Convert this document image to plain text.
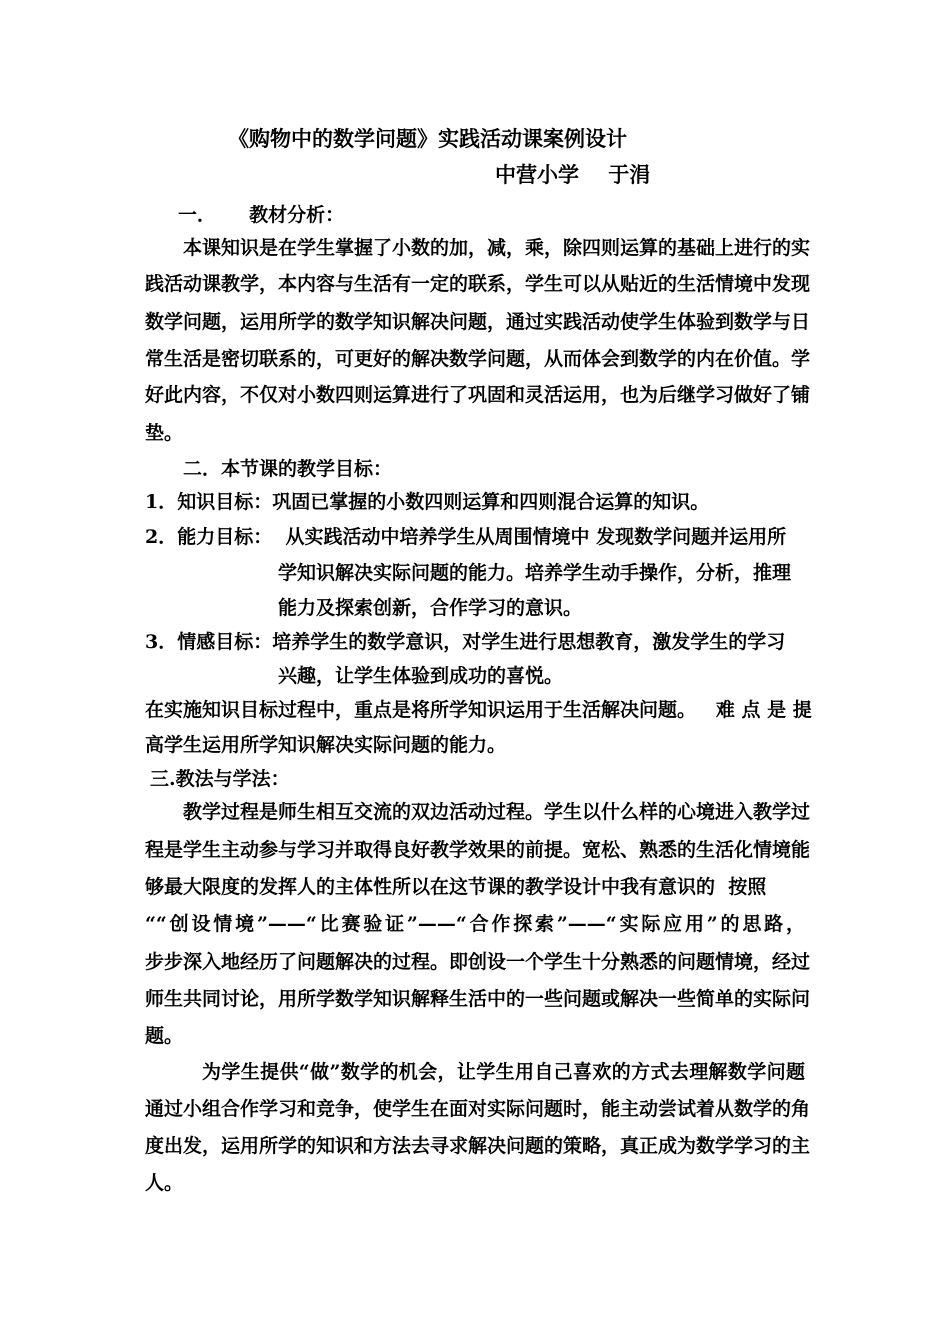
《购物中的数学问题》实践活动课案例设计
中营小学    于涓
一．     教材分析：
本课知识是在学生掌握了小数的加，减，乘，除四则运算的基础上进行的实
践活动课教学，本内容与生活有一定的联系，学生可以从贴近的生活情境中发现
数学问题，运用所学的数学知识解决问题，通过实践活动使学生体验到数学与日
常生活是密切联系的，可更好的解决数学问题，从而体会到数学的内在价值。学
好此内容，不仅对小数四则运算进行了巩固和灵活运用，也为后继学习做好了铺
垫。
二．本节课的教学目标：
1．知识目标：巩固已掌握的小数四则运算和四则混合运算的知识。
2．能力目标：  从实践活动中培养学生从周围情境中 发现数学问题并运用所
学知识解决实际问题的能力。培养学生动手操作，分析，推理
能力及探索创新，合作学习的意识。
3．情感目标：培养学生的数学意识，对学生进行思想教育，激发学生的学习
兴趣，让学生体验到成功的喜悦。
在实施知识目标过程中，重点是将所学知识运用于生活解决问题。   难 点 是 提
高学生运用所学知识解决实际问题的能力。
三.教法与学法：
教学过程是师生相互交流的双边活动过程。学生以什么样的心境进入教学过
程是学生主动参与学习并取得良好教学效果的前提。宽松、熟悉的生活化情境能
够最大限度的发挥人的主体性所以在这节课的教学设计中我有意识的  按照
““创设情境”——“比赛验证”——“合作探索”——“实际应用”的思路，
步步深入地经历了问题解决的过程。即创设一个学生十分熟悉的问题情境，经过
师生共同讨论，用所学数学知识解释生活中的一些问题或解决一些简单的实际问
题。
为学生提供“做”数学的机会，让学生用自己喜欢的方式去理解数学问题
通过小组合作学习和竞争，使学生在面对实际问题时，能主动尝试着从数学的角
度出发，运用所学的知识和方法去寻求解决问题的策略，真正成为数学学习的主
人。
